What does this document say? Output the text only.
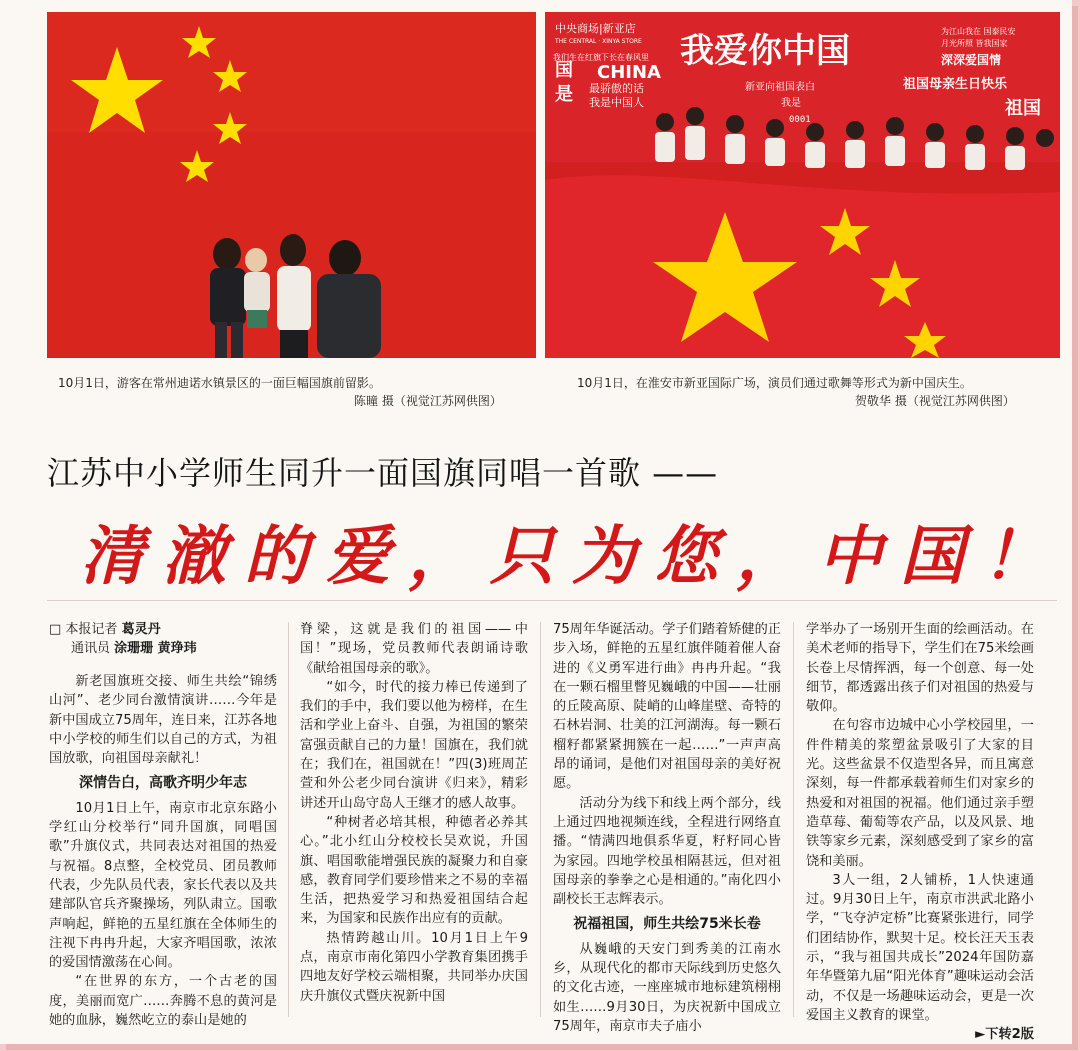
10月1日，游客在常州迪诺水镇景区的一面巨幅国旗前留影。
陈曈 摄（视觉江苏网供图）
中央商场|新亚店
THE CENTRAL · XINYA STORE 我爱你中国
我们生在红旗下长在春风里
CHINA
国
是 最骄傲的话
我是中国人
为江山我在 国泰民安
月光所照 皆我国家
深深爱国情
祖国母亲生日快乐
祖国
新亚向祖国表白
我是
0001
10月1日，在淮安市新亚国际广场，演员们通过歌舞等形式为新中国庆生。
贺敬华 摄（视觉江苏网供图）
江苏中小学师生同升一面国旗同唱一首歌 ——
清澈的爱，只为您，中国！
□ 本报记者 葛灵丹
通讯员 涂珊珊 黄琤玮

新老国旗班交接、师生共绘“锦绣山河”、老少同台激情演讲……今年是新中国成立75周年，连日来，江苏各地中小学校的师生们以自己的方式，为祖国放歌，向祖国母亲献礼！

深情告白，高歌齐明少年志

10月1日上午，南京市北京东路小学红山分校举行“同升国旗，同唱国歌”升旗仪式，共同表达对祖国的热爱与祝福。8点整，全校党员、团员教师代表，少先队员代表，家长代表以及共建部队官兵齐聚操场，列队肃立。国歌声响起，鲜艳的五星红旗在全体师生的注视下冉冉升起，大家齐唱国歌，浓浓的爱国情激荡在心间。

“在世界的东方，一个古老的国度，美丽而宽广……奔腾不息的黄河是她的血脉，巍然屹立的泰山是她的

脊梁，这就是我们的祖国——中国！”现场，党员教师代表朗诵诗歌《献给祖国母亲的歌》。

“如今，时代的接力棒已传递到了我们的手中，我们要以他为榜样，在生活和学业上奋斗、自强，为祖国的繁荣富强贡献自己的力量！国旗在，我们就在；我们在，祖国就在！”四(3)班周芷萱和外公老少同台演讲《归来》，精彩讲述开山岛守岛人王继才的感人故事。

“种树者必培其根，种德者必养其心。”北小红山分校校长吴欢说，升国旗、唱国歌能增强民族的凝聚力和自豪感，教育同学们要珍惜来之不易的幸福生活，把热爱学习和热爱祖国结合起来，为国家和民族作出应有的贡献。

热情跨越山川。10月1日上午9点，南京市南化第四小学教育集团携手四地友好学校云端相聚，共同举办庆国庆升旗仪式暨庆祝新中国

75周年华诞活动。学子们踏着矫健的正步入场，鲜艳的五星红旗伴随着催人奋进的《义勇军进行曲》冉冉升起。“我在一颗石榴里瞥见巍峨的中国——壮丽的丘陵高原、陡峭的山峰崖壁、奇特的石林岩洞、壮美的江河湖海。每一颗石榴籽都紧紧拥簇在一起……”一声声高昂的诵词，是他们对祖国母亲的美好祝愿。

活动分为线下和线上两个部分，线上通过四地视频连线，全程进行网络直播。“情满四地俱系华夏，籽籽同心皆为家园。四地学校虽相隔甚远，但对祖国母亲的拳拳之心是相通的。”南化四小副校长王志辉表示。

祝福祖国，师生共绘75米长卷

从巍峨的天安门到秀美的江南水乡，从现代化的都市天际线到历史悠久的文化古迹，一座座城市地标建筑栩栩如生……9月30日，为庆祝新中国成立75周年，南京市夫子庙小

学举办了一场别开生面的绘画活动。在美术老师的指导下，学生们在75米绘画长卷上尽情挥洒，每一个创意、每一处细节，都透露出孩子们对祖国的热爱与敬仰。

在句容市边城中心小学校园里，一件件精美的浆塑盆景吸引了大家的目光。这些盆景不仅造型各异，而且寓意深刻，每一件都承载着师生们对家乡的热爱和对祖国的祝福。他们通过亲手塑造草莓、葡萄等农产品，以及风景、地铁等家乡元素，深刻感受到了家乡的富饶和美丽。

3人一组，2人铺桥，1人快速通过。9月30日上午，南京市洪武北路小学，“飞夺泸定桥”比赛紧张进行，同学们团结协作，默契十足。校长汪天玉表示，“我与祖国共成长”2024年国防嘉年华暨第九届“阳光体育”趣味运动会活动，不仅是一场趣味运动会，更是一次爱国主义教育的课堂。

►下转2版
